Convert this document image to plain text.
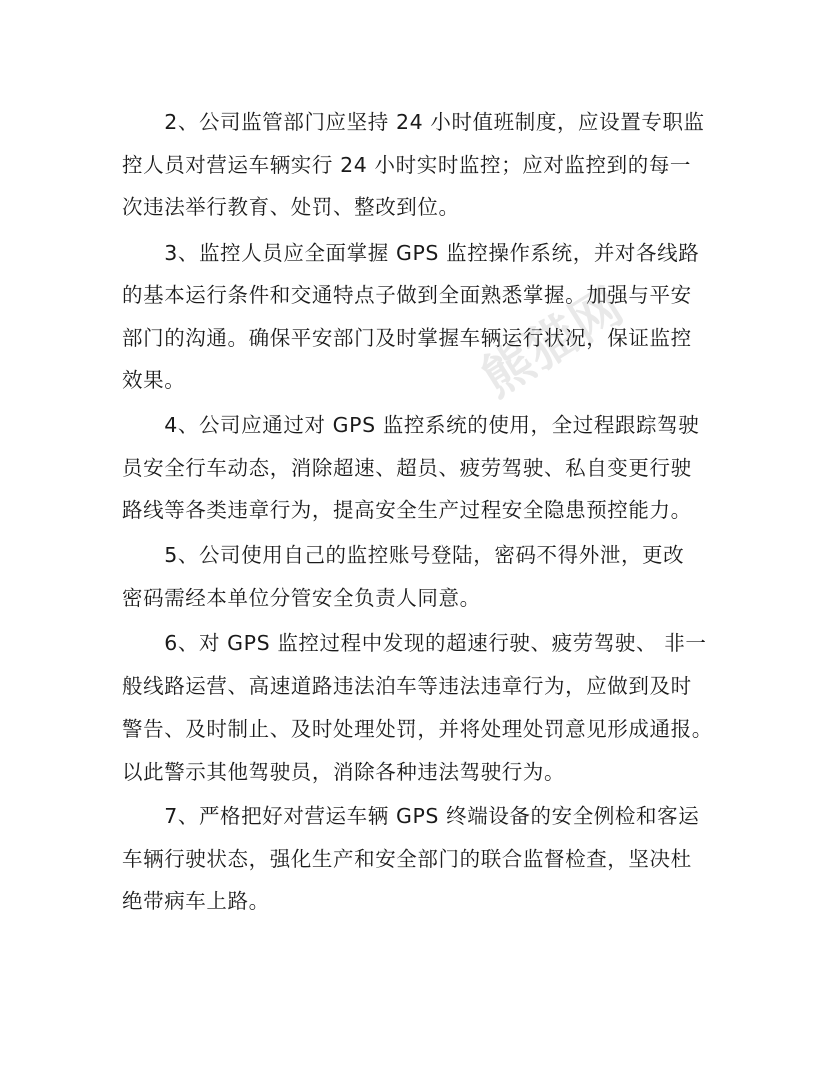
熊猫网
　　2、公司监管部门应坚持 24 小时值班制度，应设置专职监
控人员对营运车辆实行 24 小时实时监控；应对监控到的每一
次违法举行教育、处罚、整改到位。
　　3、监控人员应全面掌握 GPS 监控操作系统，并对各线路
的基本运行条件和交通特点子做到全面熟悉掌握。加强与平安
部门的沟通。确保平安部门及时掌握车辆运行状况，保证监控
效果。
　　4、公司应通过对 GPS 监控系统的使用，全过程跟踪驾驶
员安全行车动态，消除超速、超员、疲劳驾驶、私自变更行驶
路线等各类违章行为，提高安全生产过程安全隐患预控能力。
　　5、公司使用自己的监控账号登陆，密码不得外泄，更改
密码需经本单位分管安全负责人同意。
　　6、对 GPS 监控过程中发现的超速行驶、疲劳驾驶、 非一
般线路运营、高速道路违法泊车等违法违章行为，应做到及时
警告、及时制止、及时处理处罚，并将处理处罚意见形成通报。
以此警示其他驾驶员，消除各种违法驾驶行为。
　　7、严格把好对营运车辆 GPS 终端设备的安全例检和客运
车辆行驶状态，强化生产和安全部门的联合监督检查，坚决杜
绝带病车上路。
